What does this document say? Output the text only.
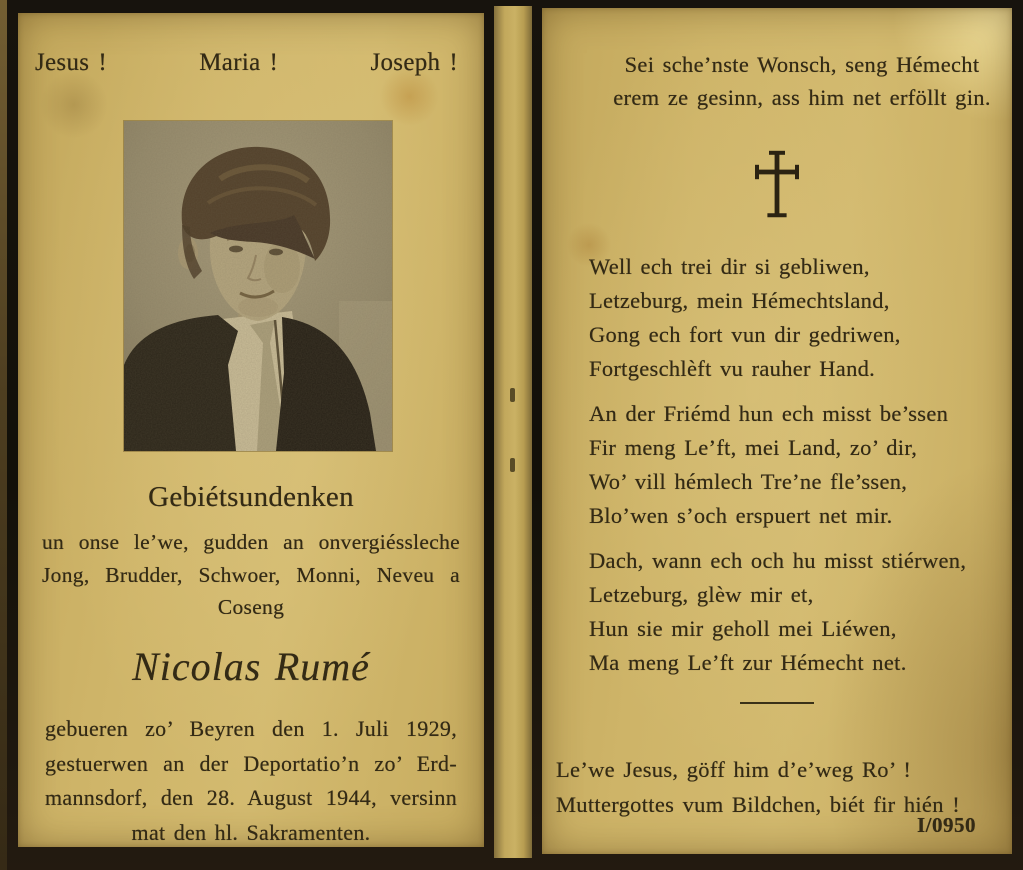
Jesus !	Maria !	Joseph !
Gebiétsundenken
un onse le’we, gudden an onvergiéssleche
Jong, Brudder, Schwoer, Monni, Neveu a
Coseng
Nicolas Rumé
gebueren zo’ Beyren den 1. Juli 1929,
gestuerwen an der Deportatio’n zo’ Erd-
mannsdorf, den 28. August 1944, versinn
mat den hl. Sakramenten.
Sei sche’nste Wonsch, seng Hémecht
erem ze gesinn, ass him net erföllt gin.
Well ech trei dir si gebliwen,
Letzeburg, mein Hémechtsland,
Gong ech fort vun dir gedriwen,
Fortgeschlèft vu rauher Hand.
An der Friémd hun ech misst be’ssen
Fir meng Le’ft, mei Land, zo’ dir,
Wo’ vill hémlech Tre’ne fle’ssen,
Blo’wen s’och erspuert net mir.
Dach, wann ech och hu misst stiérwen,
Letzeburg, glèw mir et,
Hun sie mir geholl mei Liéwen,
Ma meng Le’ft zur Hémecht net.
Le’we Jesus, göff him d’e’weg Ro’ !
Muttergottes vum Bildchen, biét fir hién !
I/0950
